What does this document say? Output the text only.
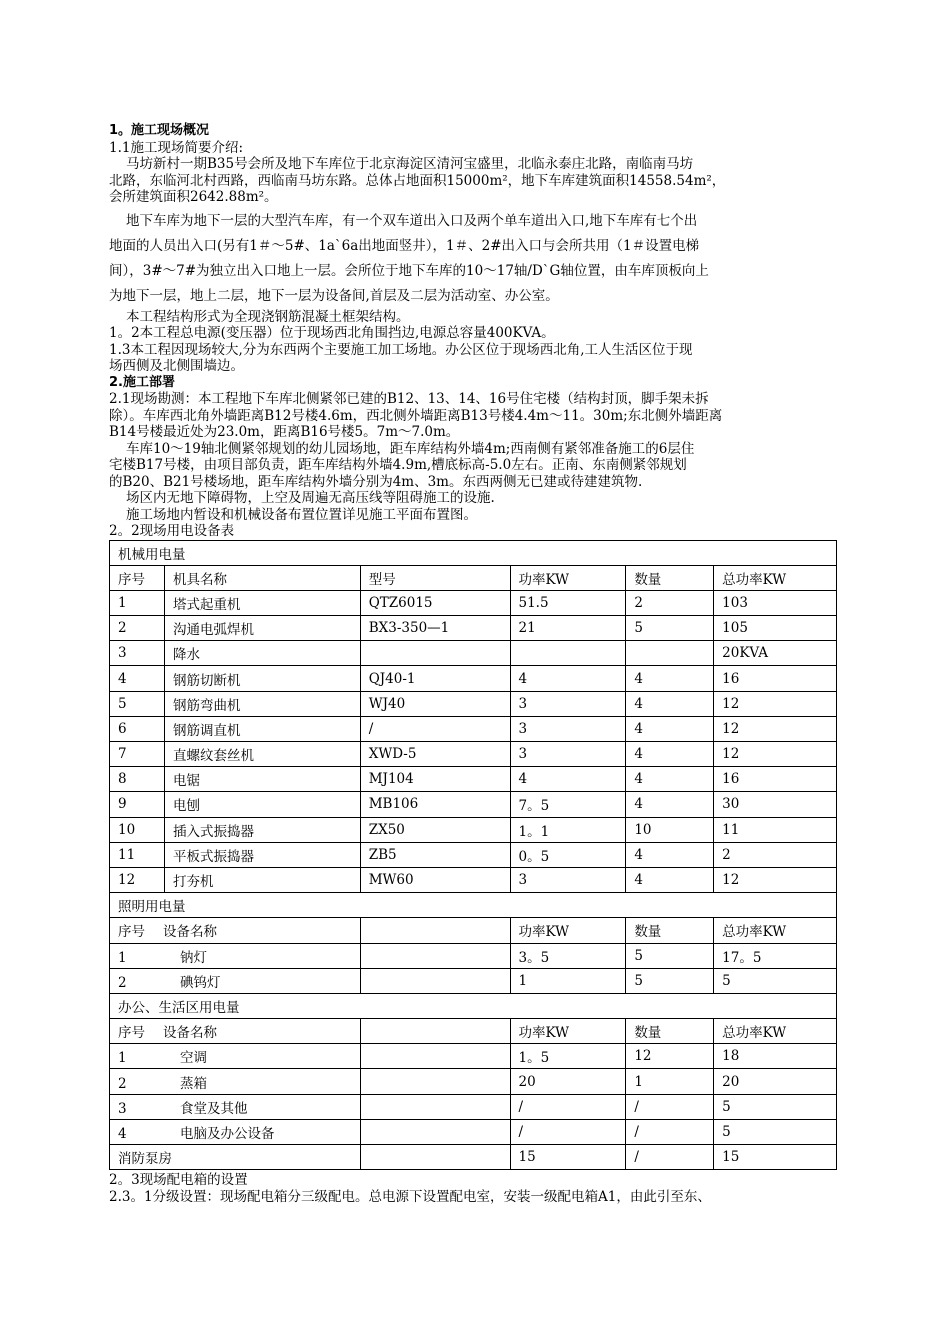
1。施工现场概况
1.1施工现场简要介绍:
马坊新村一期B35号会所及地下车库位于北京海淀区清河宝盛里，北临永泰庄北路，南临南马坊
北路，东临河北村西路，西临南马坊东路。总体占地面积15000m²，地下车库建筑面积14558.54m²，
会所建筑面积2642.88m²。
地下车库为地下一层的大型汽车库，有一个双车道出入口及两个单车道出入口,地下车库有七个出
地面的人员出入口(另有1＃～5#、1a`6a出地面竖井），1＃、2#出入口与会所共用（1＃设置电梯
间），3#～7#为独立出入口地上一层。会所位于地下车库的10～17轴/D`G轴位置，由车库顶板向上
为地下一层，地上二层，地下一层为设备间,首层及二层为活动室、办公室。
本工程结构形式为全现浇钢筋混凝土框架结构。
1。2本工程总电源(变压器）位于现场西北角围挡边,电源总容量400KVA。
1.3本工程因现场较大,分为东西两个主要施工加工场地。办公区位于现场西北角,工人生活区位于现
场西侧及北侧围墙边。
2.施工部署
2.1现场勘测：本工程地下车库北侧紧邻已建的B12、13、14、16号住宅楼（结构封顶，脚手架未拆
除）。车库西北角外墙距离B12号楼4.6m，西北侧外墙距离B13号楼4.4m～11。30m;东北侧外墙距离
B14号楼最近处为23.0m，距离B16号楼5。7m～7.0m。
车库10～19轴北侧紧邻规划的幼儿园场地，距车库结构外墙4m;西南侧有紧邻准备施工的6层住
宅楼B17号楼，由项目部负责，距车库结构外墙4.9m,槽底标高-5.0左右。正南、东南侧紧邻规划
的B20、B21号楼场地，距车库结构外墙分别为4m、3m。东西两侧无已建或待建建筑物.
场区内无地下障碍物，上空及周遍无高压线等阻碍施工的设施.
施工场地内暂设和机械设备布置位置详见施工平面布置图。
2。2现场用电设备表
机械用电量					
序号	机具名称	型号	功率KW	数量	总功率KW
1	塔式起重机	QTZ6015	51.5	2	103
2	沟通电弧焊机	BX3-350—1	21	5	105
3	降水				20KVA
4	钢筋切断机	QJ40-1	4	4	16
5	钢筋弯曲机	WJ40	3	4	12
6	钢筋调直机	/	3	4	12
7	直螺纹套丝机	XWD-5	3	4	12
8	电锯	MJ104	4	4	16
9	电刨	MB106	7。5	4	30
10	插入式振捣器	ZX50	1。1	10	11
11	平板式振捣器	ZB5	0。5	4	2
12	打夯机	MW60	3	4	12
照明用电量					
序号 设备名称			功率KW	数量	总功率KW
1 钠灯			3。5	5	17。5
2 碘钨灯			1	5	5
办公、生活区用电量					
序号 设备名称			功率KW	数量	总功率KW
1 空调			1。5	12	18
2 蒸箱			20	1	20
3 食堂及其他			/	/	5
4 电脑及办公设备			/	/	5
消防泵房			15	/	15
2。3现场配电箱的设置
2.3。1分级设置：现场配电箱分三级配电。总电源下设置配电室，安装一级配电箱A1，由此引至东、
